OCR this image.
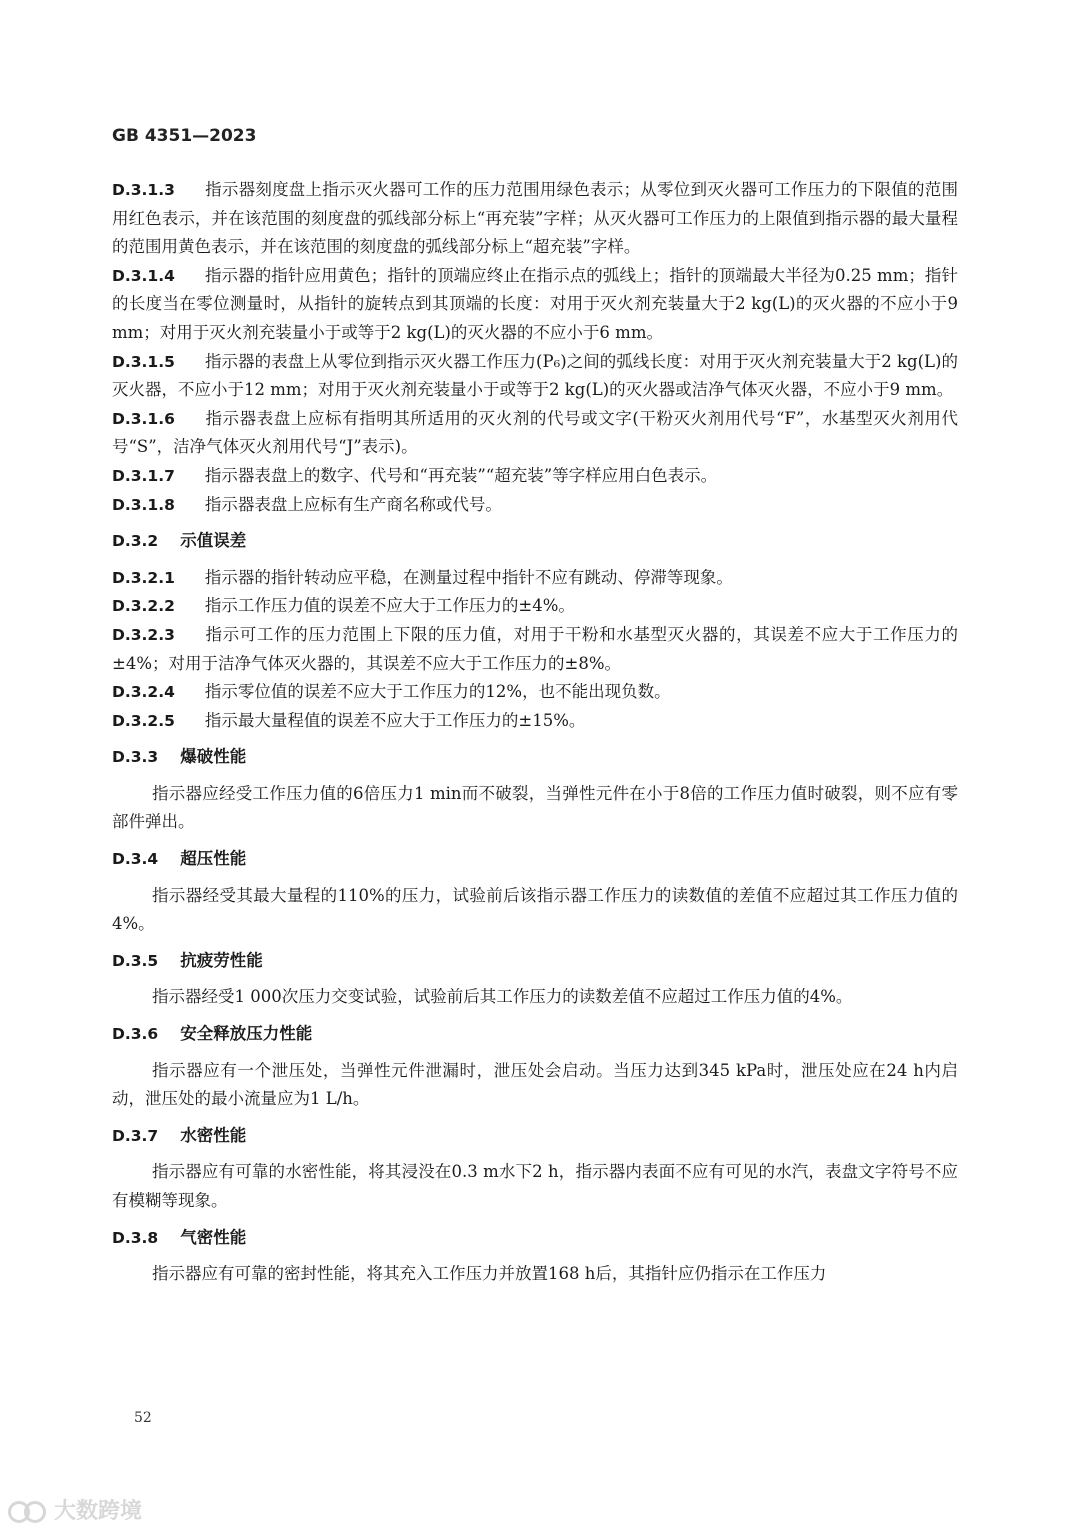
GB 4351—2023

D.3.1.3 指示器刻度盘上指示灭火器可工作的压力范围用绿色表示；从零位到灭火器可工作压力的下限值的范围用红色表示，并在该范围的刻度盘的弧线部分标上“再充装”字样；从灭火器可工作压力的上限值到指示器的最大量程的范围用黄色表示，并在该范围的刻度盘的弧线部分标上“超充装”字样。

D.3.1.4 指示器的指针应用黄色；指针的顶端应终止在指示点的弧线上；指针的顶端最大半径为0.25 mm；指针的长度当在零位测量时，从指针的旋转点到其顶端的长度：对用于灭火剂充装量大于2 kg(L)的灭火器的不应小于9 mm；对用于灭火剂充装量小于或等于2 kg(L)的灭火器的不应小于6 mm。

D.3.1.5 指示器的表盘上从零位到指示灭火器工作压力(P₆)之间的弧线长度：对用于灭火剂充装量大于2 kg(L)的灭火器，不应小于12 mm；对用于灭火剂充装量小于或等于2 kg(L)的灭火器或洁净气体灭火器，不应小于9 mm。

D.3.1.6 指示器表盘上应标有指明其所适用的灭火剂的代号或文字(干粉灭火剂用代号“F”，水基型灭火剂用代号“S”，洁净气体灭火剂用代号“J”表示)。

D.3.1.7 指示器表盘上的数字、代号和“再充装”“超充装”等字样应用白色表示。

D.3.1.8 指示器表盘上应标有生产商名称或代号。

D.3.2 示值误差

D.3.2.1 指示器的指针转动应平稳，在测量过程中指针不应有跳动、停滞等现象。

D.3.2.2 指示工作压力值的误差不应大于工作压力的±4%。

D.3.2.3 指示可工作的压力范围上下限的压力值，对用于干粉和水基型灭火器的，其误差不应大于工作压力的±4%；对用于洁净气体灭火器的，其误差不应大于工作压力的±8%。

D.3.2.4 指示零位值的误差不应大于工作压力的12%，也不能出现负数。

D.3.2.5 指示最大量程值的误差不应大于工作压力的±15%。

D.3.3 爆破性能

指示器应经受工作压力值的6倍压力1 min而不破裂，当弹性元件在小于8倍的工作压力值时破裂，则不应有零部件弹出。

D.3.4 超压性能

指示器经受其最大量程的110%的压力，试验前后该指示器工作压力的读数值的差值不应超过其工作压力值的4%。

D.3.5 抗疲劳性能

指示器经受1 000次压力交变试验，试验前后其工作压力的读数差值不应超过工作压力值的4%。

D.3.6 安全释放压力性能

指示器应有一个泄压处，当弹性元件泄漏时，泄压处会启动。当压力达到345 kPa时，泄压处应在24 h内启动，泄压处的最小流量应为1 L/h。

D.3.7 水密性能

指示器应有可靠的水密性能，将其浸没在0.3 m水下2 h，指示器内表面不应有可见的水汽，表盘文字符号不应有模糊等现象。

D.3.8 气密性能

指示器应有可靠的密封性能，将其充入工作压力并放置168 h后，其指针应仍指示在工作压力

52
大数跨境
